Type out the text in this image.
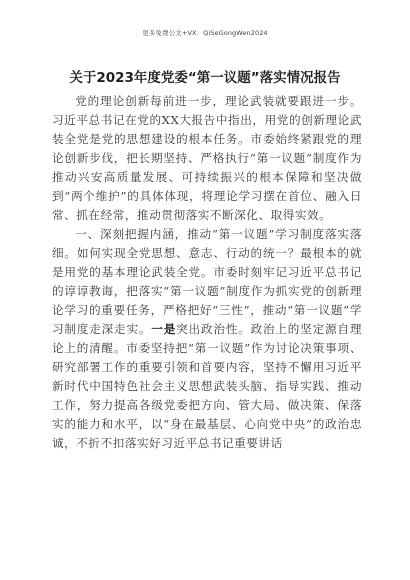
更多免费公文+VX：QiSeGongWen2024
关于2023年度党委“第一议题”落实情况报告

党的理论创新每前进一步，理论武装就要跟进一步。习近平总书记在党的XX大报告中指出，用党的创新理论武装全党是党的思想建设的根本任务。市委始终紧跟党的理论创新步伐，把长期坚持、严格执行“第一议题”制度作为推动兴安高质量发展、可持续振兴的根本保障和坚决做到“两个维护”的具体体现，将理论学习摆在首位、融入日常、抓在经常，推动贯彻落实不断深化、取得实效。

一、深刻把握内涵，推动“第一议题”学习制度落实落细。如何实现全党思想、意志、行动的统一？最根本的就是用党的基本理论武装全党。市委时刻牢记习近平总书记的谆谆教诲，把落实“第一议题”制度作为抓实党的创新理论学习的重要任务，严格把好“三性”，推动“第一议题”学习制度走深走实。一是突出政治性。政治上的坚定源自理论上的清醒。市委坚持把“第一议题”作为讨论决策事项、研究部署工作的重要引领和首要内容，坚持不懈用习近平新时代中国特色社会主义思想武装头脑、指导实践、推动工作，努力提高各级党委把方向、管大局、做决策、保落实的能力和水平，以“身在最基层、心向党中央”的政治忠诚，不折不扣落实好习近平总书记重要讲话
